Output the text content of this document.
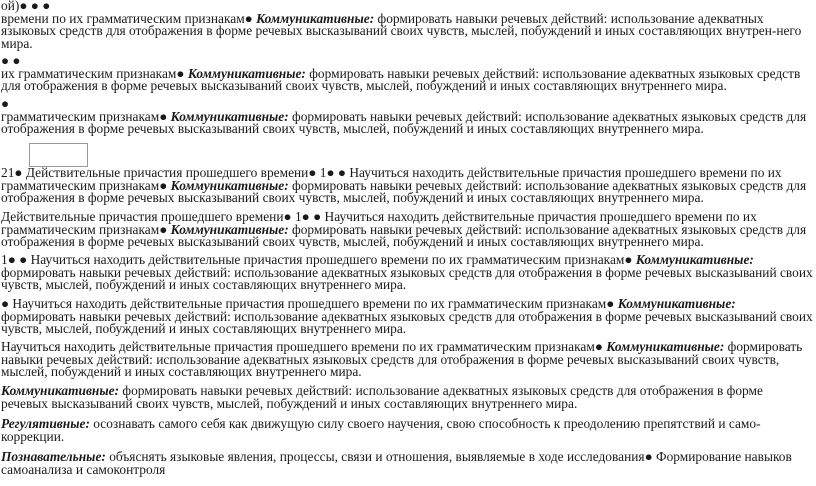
ой)● ● ●
времени по их грамматическим признакам● Коммуникативные: формировать навыки речевых действий: использование адекватных языковых средств для отображения в форме речевых высказываний своих чувств, мыслей, побуждений и иных составляющих внутрен-него мира.
● ●
их грамматическим признакам● Коммуникативные: формировать навыки речевых действий: использование адекватных языковых средств для отображения в форме речевых высказываний своих чувств, мыслей, побуждений и иных составляющих внутреннего мира.
●
грамматическим признакам● Коммуникативные: формировать навыки речевых действий: использование адекватных языковых средств для отображения в форме речевых высказываний своих чувств, мыслей, побуждений и иных составляющих внутреннего мира.
21● Действительные причастия прошедшего времени● 1● ● Научиться находить действительные причастия прошедшего времени по их грамматическим признакам● Коммуникативные: формировать навыки речевых действий: использование адекватных языковых средств для отображения в форме речевых высказываний своих чувств, мыслей, побуждений и иных составляющих внутреннего мира.
Действительные причастия прошедшего времени● 1● ● Научиться находить действительные причастия прошедшего времени по их грамматическим признакам● Коммуникативные: формировать навыки речевых действий: использование адекватных языковых средств для отображения в форме речевых высказываний своих чувств, мыслей, побуждений и иных составляющих внутреннего мира.
1● ● Научиться находить действительные причастия прошедшего времени по их грамматическим признакам● Коммуникативные: формировать навыки речевых действий: использование адекватных языковых средств для отображения в форме речевых высказываний своих чувств, мыслей, побуждений и иных составляющих внутреннего мира.
● Научиться находить действительные причастия прошедшего времени по их грамматическим признакам● Коммуникативные: формировать навыки речевых действий: использование адекватных языковых средств для отображения в форме речевых высказываний своих чувств, мыслей, побуждений и иных составляющих внутреннего мира.
Научиться находить действительные причастия прошедшего времени по их грамматическим признакам● Коммуникативные: формировать навыки речевых действий: использование адекватных языковых средств для отображения в форме речевых высказываний своих чувств, мыслей, побуждений и иных составляющих внутреннего мира.
Коммуникативные: формировать навыки речевых действий: использование адекватных языковых средств для отображения в форме речевых высказываний своих чувств, мыслей, побуждений и иных составляющих внутреннего мира.
Регулятивные: осознавать самого себя как движущую силу своего научения, свою способность к преодолению препятствий и само-коррекции.
Познавательные: объяснять языковые явления, процессы, связи и отношения, выявляемые в ходе исследования● Формирование навыков самоанализа и самоконтроля
